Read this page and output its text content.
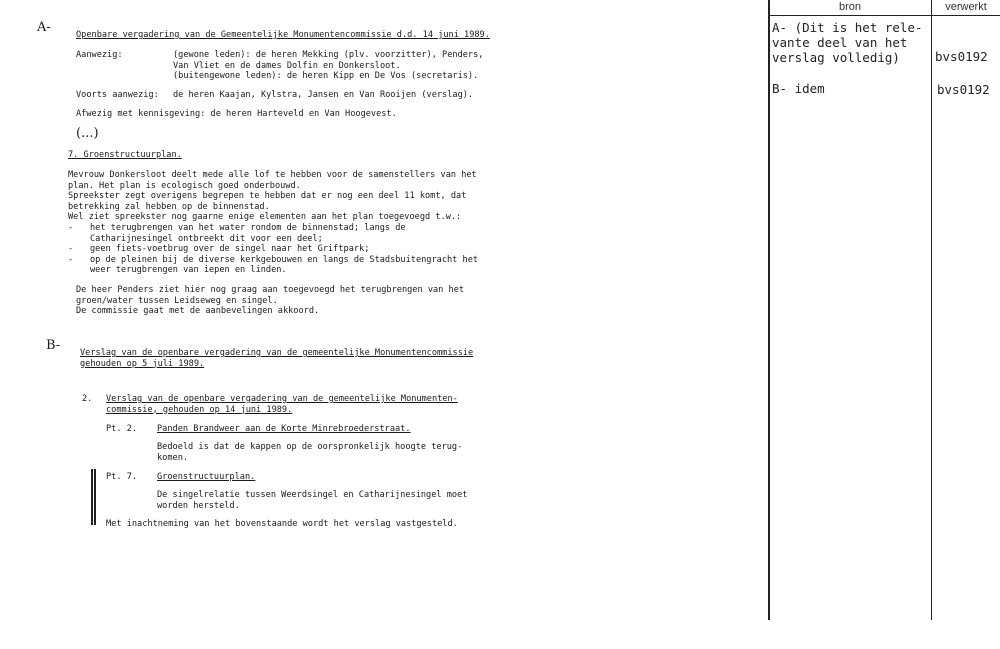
A-	Openbare vergadering van de Gemeentelijke Monumentencommissie d.d. 14 juni 1989.
Aanwezig:	(gewone leden): de heren Mekking (plv. voorzitter), Penders,
Van Vliet en de dames Dolfin en Donkersloot.
(buitengewone leden): de heren Kipp en De Vos (secretaris).
Voorts aanwezig: de heren Kaajan, Kylstra, Jansen en Van Rooijen (verslag).
Afwezig met kennisgeving: de heren Harteveld en Van Hoogevest.
(...)
7. Groenstructuurplan.
Mevrouw Donkersloot deelt mede alle lof te hebben voor de samenstellers van het
plan. Het plan is ecologisch goed onderbouwd.
Spreekster zegt overigens begrepen te hebben dat er nog een deel 11 komt, dat
betrekking zal hebben op de binnenstad.
Wel ziet spreekster nog gaarne enige elementen aan het plan toegevoegd t.w.:
- het terugbrengen van het water rondom de binnenstad; langs de
Catharijnesingel ontbreekt dit voor een deel;
- geen fiets-voetbrug over de singel naar het Griftpark;
- op de pleinen bij de diverse kerkgebouwen en langs de Stadsbuitengracht het
weer terugbrengen van iepen en linden.
De heer Penders ziet hier nog graag aan toegevoegd het terugbrengen van het
groen/water tussen Leidseweg en singel.
De commissie gaat met de aanbevelingen akkoord.
B- Verslag van de openbare vergadering van de gemeentelijke Monumentencommissie
gehouden op 5 juli 1989.
2. Verslag van de openbare vergadering van de gemeentelijke Monumenten-
commissie, gehouden op 14 juni 1989.
Pt. 2. Panden Brandweer aan de Korte Minrebroederstraat.
Bedoeld is dat de kappen op de oorspronkelijk hoogte terug-
komen.
Pt. 7. Groenstructuurplan.
De singelrelatie tussen Weerdsingel en Catharijnesingel moet
worden hersteld.
Met inachtneming van het bovenstaande wordt het verslag vastgesteld.
bron	verwerkt
A- (Dit is het rele-
vante deel van het
verslag volledig)	bvs0192
B- idem	bvs0192
